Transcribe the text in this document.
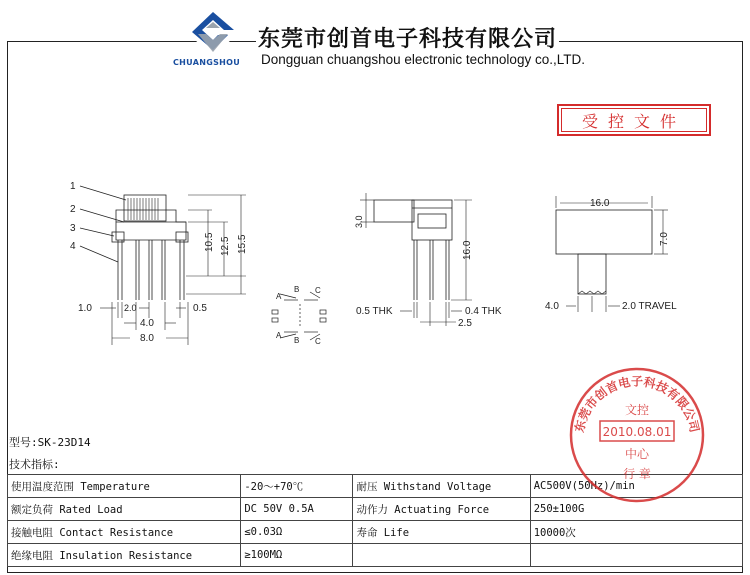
CHUANGSHOU
东莞市创首电子科技有限公司
Dongguan chuangshou electronic technology co.,LTD.
受控文件
1
2
3
4
1.0	2.0	0.5
4.0
8.0
10.5 12.5 15.5
3.0
16.0
0.5 THK	0.4 THK
2.5
16.0
7.0
4.0	2.0 TRAVEL
A
B C
A
B C
型号:SK-23D14
技术指标:
使用温度范围 Temperature	-20～+70℃	耐压 Withstand Voltage	AC500V(50Hz)/min
额定负荷 Rated Load	DC 50V 0.5A	动作力 Actuating Force	250±100G
接触电阻 Contact Resistance	≤0.03Ω	寿命 Life	10000次
绝缘电阻 Insulation Resistance	≥100MΩ		
东莞市创首电子科技有限公司
文控
2010.08.01
中心
行 章
